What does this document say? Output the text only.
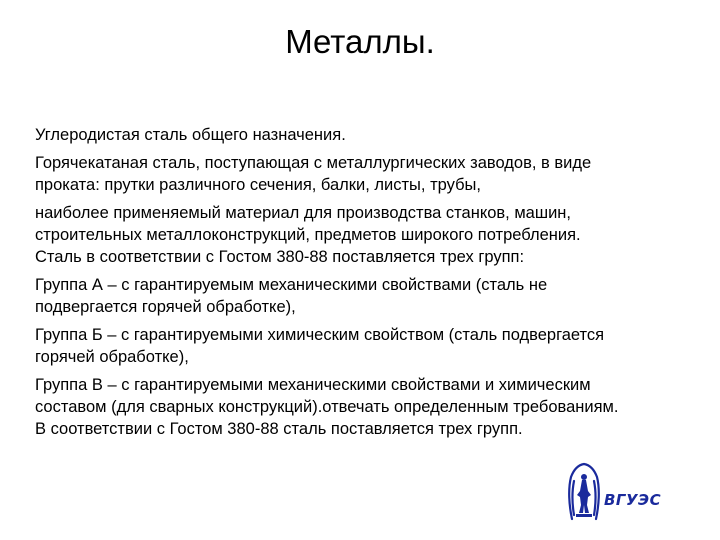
Металлы.

Углеродистая сталь общего назначения.

Горячекатаная сталь, поступающая с металлургических заводов, в виде
проката: прутки различного сечения, балки, листы, трубы,

наиболее применяемый материал для производства станков, машин,
строительных металлоконструкций, предметов широкого потребления.
Сталь в соответствии с Гостом 380-88 поставляется трех групп:

Группа А – с гарантируемым механическими свойствами (сталь не
подвергается горячей обработке),

Группа Б – с гарантируемыми химическим свойством (сталь подвергается
горячей обработке),

Группа В – с гарантируемыми механическими свойствами и химическим
составом (для сварных конструкций).отвечать определенным требованиям.
В соответствии с Гостом 380-88 сталь поставляется трех групп.

ВГУЭС
